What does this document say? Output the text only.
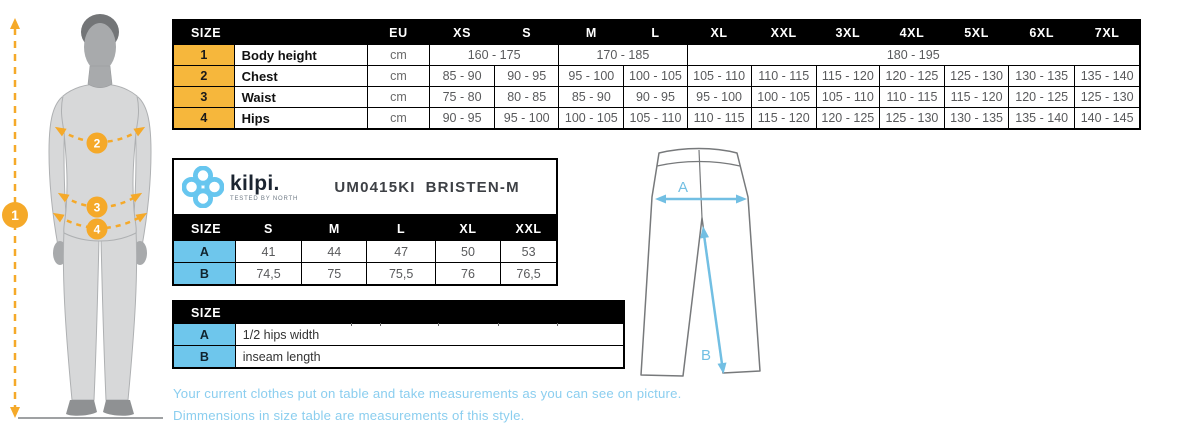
1
2
3
4
SIZE		EU	XS	S	M	L	XL	XXL	3XL	4XL	5XL	6XL	7XL
1	Body height	cm	160 - 175		170 - 185		180 - 195						
2	Chest	cm	85 - 90	90 - 95	95 - 100	100 - 105	105 - 110	110 - 115	115 - 120	120 - 125	125 - 130	130 - 135	135 - 140
3	Waist	cm	75 - 80	80 - 85	85 - 90	90 - 95	95 - 100	100 - 105	105 - 110	110 - 115	115 - 120	120 - 125	125 - 130
4	Hips	cm	90 - 95	95 - 100	100 - 105	105 - 110	110 - 115	115 - 120	120 - 125	125 - 130	130 - 135	135 - 140	140 - 145
kilpi.
TESTED BY NORTH
UM0415KI BRISTEN-M
SIZE	S	M	L	XL	XXL
A	41	44	47	50	53
B	74,5	75	75,5	76	76,5
SIZE	
A	1/2 hips width
B	inseam length
A
B
Your current clothes put on table and take measurements as you can see on picture.
Dimmensions in size table are measurements of this style.
